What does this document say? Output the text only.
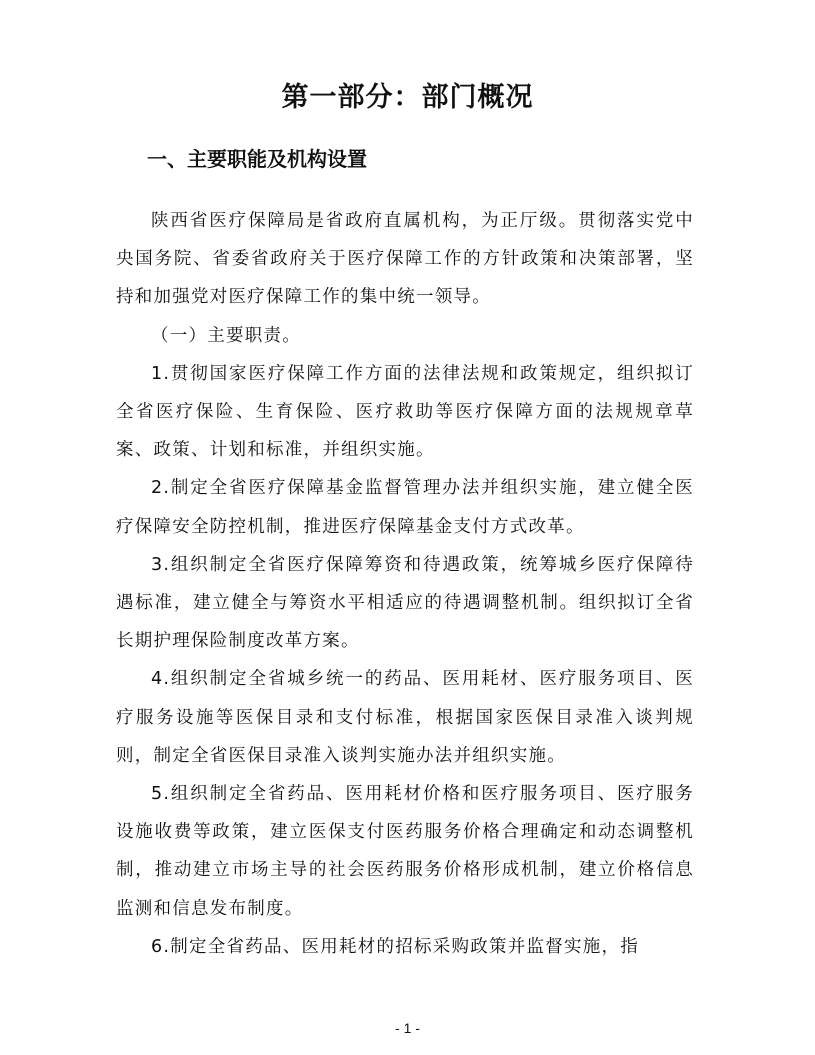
第一部分：部门概况
一、主要职能及机构设置

陕西省医疗保障局是省政府直属机构，为正厅级。贯彻落实党中央国务院、省委省政府关于医疗保障工作的方针政策和决策部署，坚持和加强党对医疗保障工作的集中统一领导。

（一）主要职责。

1.贯彻国家医疗保障工作方面的法律法规和政策规定，组织拟订全省医疗保险、生育保险、医疗救助等医疗保障方面的法规规章草案、政策、计划和标准，并组织实施。

2.制定全省医疗保障基金监督管理办法并组织实施，建立健全医疗保障安全防控机制，推进医疗保障基金支付方式改革。

3.组织制定全省医疗保障筹资和待遇政策，统筹城乡医疗保障待遇标准，建立健全与筹资水平相适应的待遇调整机制。组织拟订全省长期护理保险制度改革方案。

4.组织制定全省城乡统一的药品、医用耗材、医疗服务项目、医疗服务设施等医保目录和支付标准，根据国家医保目录准入谈判规则，制定全省医保目录准入谈判实施办法并组织实施。

5.组织制定全省药品、医用耗材价格和医疗服务项目、医疗服务设施收费等政策，建立医保支付医药服务价格合理确定和动态调整机制，推动建立市场主导的社会医药服务价格形成机制，建立价格信息监测和信息发布制度。

6.制定全省药品、医用耗材的招标采购政策并监督实施，指

- 1 -
